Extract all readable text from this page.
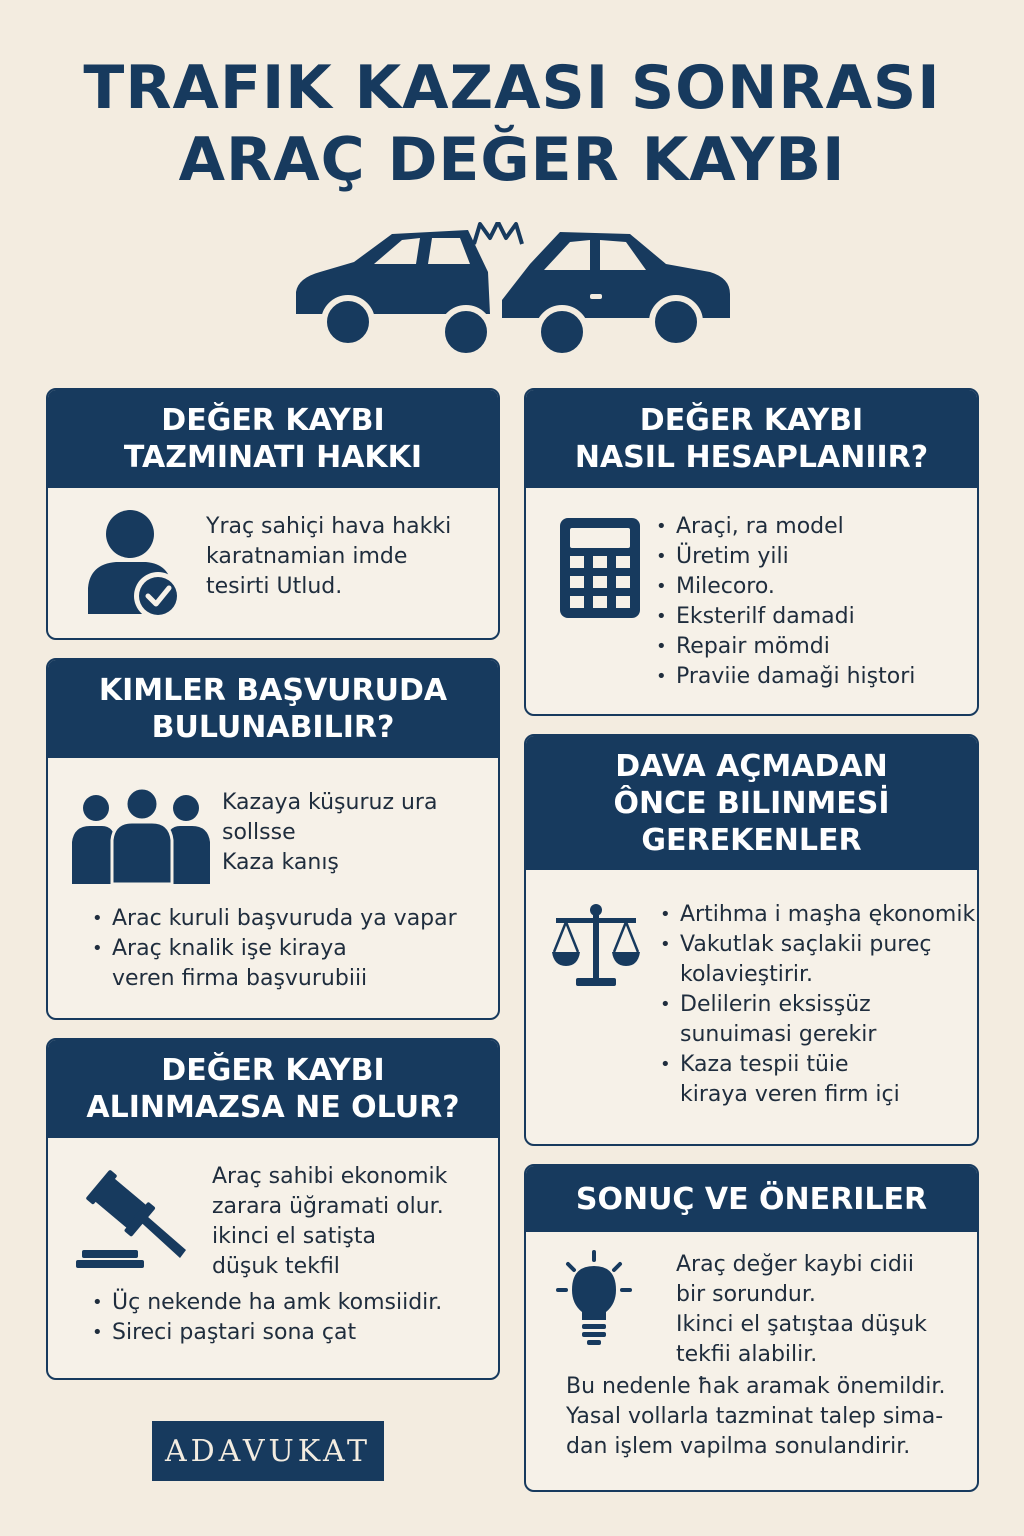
TRAFIK KAZASI SONRASI
ARAÇ DEĞER KAYBI
DEĞER KAYBI
TAZMINATI HAKKI

Yraç sahiçi hava hakki
karatnamian imde
tesirti Utlud.

DEĞER KAYBI
NASIL HESAPLANIIR?
• Araçi, ra model
• Üretim yili
• Milecoro.
• Eksterilf damadi
• Repair mömdi
• Praviie damaği hiştori
KIMLER BAŞVURUDA
BULUNABILIR?

Kazaya küşuruz ura
sollsse
Kaza kanış

• Arac kuruli başvuruda ya vapar
• Araç knalik işe kiraya
veren firma başvurubiii
DAVA AÇMADAN
ÔNCE BILINMESİ
GEREKENLER
• Artihma i maşha ękonomik
• Vakutlak saçlakii pureç
kolavieştirir.
• Delilerin eksisşüz
sunuimasi gerekir
• Kaza tespii tüie
kiraya veren firm içi
DEĞER KAYBI
ALINMAZSA NE OLUR?

Araç sahibi ekonomik
zarara üğramati olur.
ikinci el satişta
düşuk tekfil

• Üç nekende ha amk komsiidir.
• Sireci paştari sona çat
SONUÇ VE ÖNERILER

Araç değer kaybi cidii
bir sorundur.
Ikinci el şatıştaa düşuk
tekfii alabilir.

Bu nedenle ħak aramak önemildir.
Yasal vollarla tazminat talep sima-
dan işlem vapilma sonulandirir.

ADAVUKAT
